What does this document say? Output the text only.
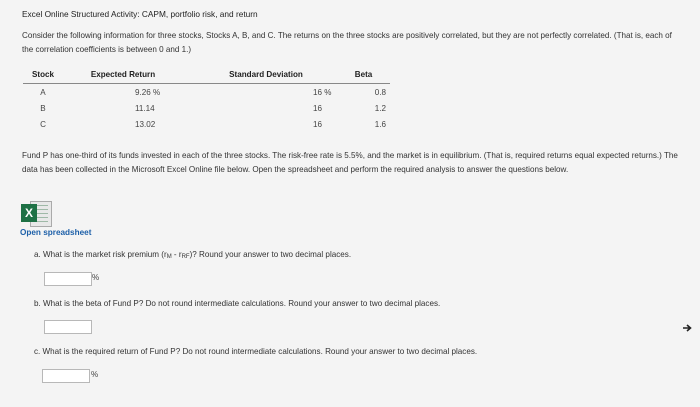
Excel Online Structured Activity: CAPM, portfolio risk, and return
Consider the following information for three stocks, Stocks A, B, and C. The returns on the three stocks are positively correlated, but they are not perfectly correlated. (That is, each of the correlation coefficients is between 0 and 1.)
Stock	Expected Return	Standard Deviation	Beta
A	9.26 %	16 %	0.8
B	11.14	16	1.2
C	13.02	16	1.6
Fund P has one-third of its funds invested in each of the three stocks. The risk-free rate is 5.5%, and the market is in equilibrium. (That is, required returns equal expected returns.) The data has been collected in the Microsoft Excel Online file below. Open the spreadsheet and perform the required analysis to answer the questions below.
X
Open spreadsheet
a. What is the market risk premium (rM - rRF)? Round your answer to two decimal places.
%
b. What is the beta of Fund P? Do not round intermediate calculations. Round your answer to two decimal places.
c. What is the required return of Fund P? Do not round intermediate calculations. Round your answer to two decimal places.
%
